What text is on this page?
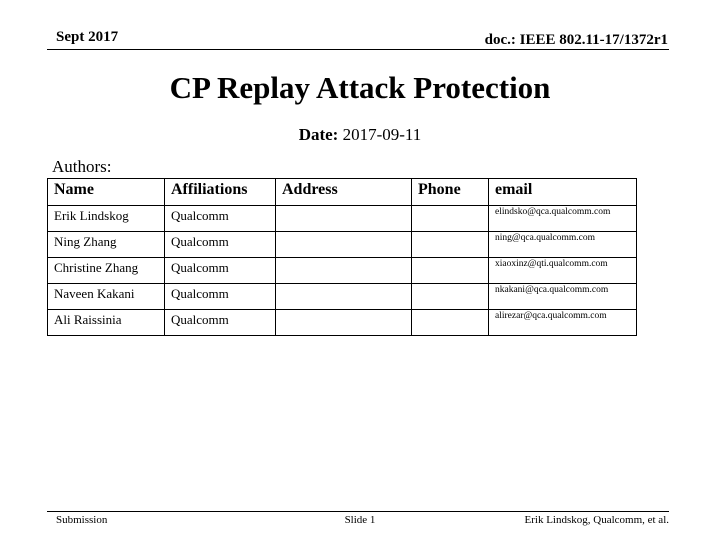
Sept 2017	doc.: IEEE 802.11-17/1372r1
CP Replay Attack Protection
Date: 2017-09-11
Authors:
Name	Affiliations	Address	Phone	email
Erik Lindskog	Qualcomm			elindsko@qca.qualcomm.com
Ning Zhang	Qualcomm			ning@qca.qualcomm.com
Christine Zhang	Qualcomm			xiaoxinz@qti.qualcomm.com
Naveen Kakani	Qualcomm			nkakani@qca.qualcomm.com
Ali Raissinia	Qualcomm			alirezar@qca.qualcomm.com
Submission	Slide 1	Erik Lindskog, Qualcomm, et al.
